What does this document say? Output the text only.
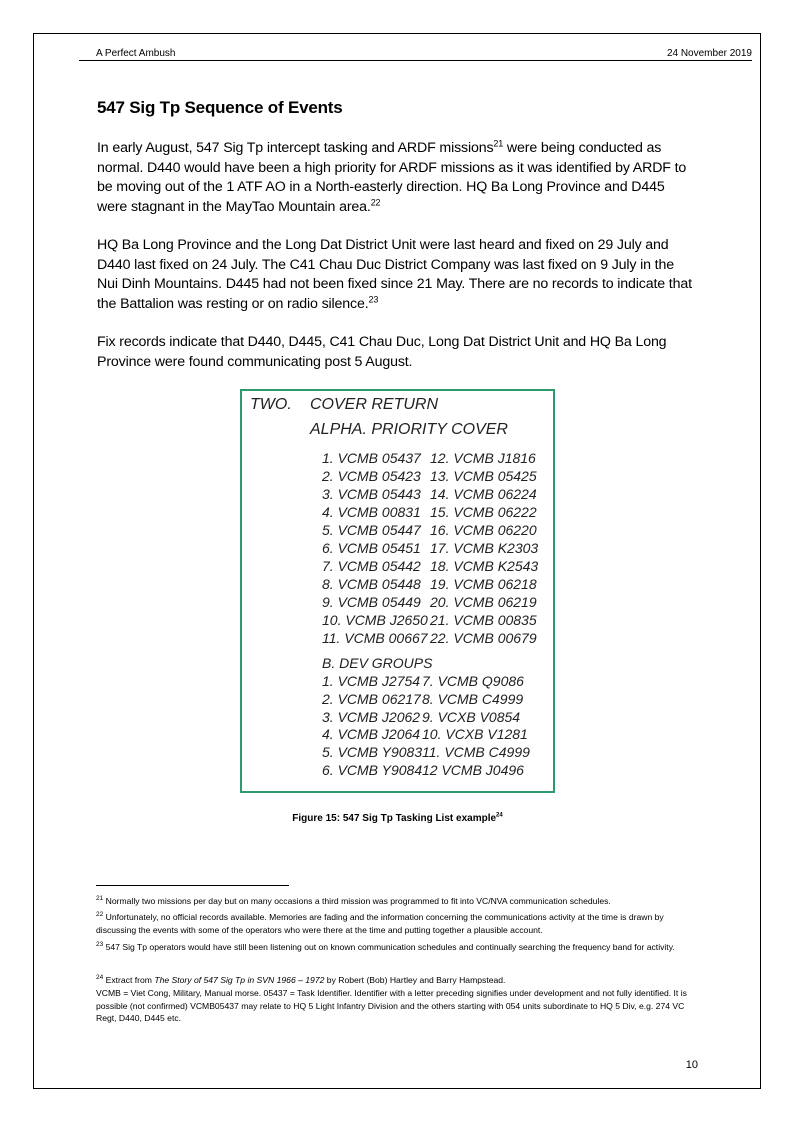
A Perfect Ambush	24 November 2019
547 Sig Tp Sequence of Events

In early August, 547 Sig Tp intercept tasking and ARDF missions$^{21}$ were being conducted as normal. D440 would have been a high priority for ARDF missions as it was identified by ARDF to be moving out of the 1 ATF AO in a North-easterly direction. HQ Ba Long Province and D445 were stagnant in the MayTao Mountain area.$^{22}$

HQ Ba Long Province and the Long Dat District Unit were last heard and fixed on 29 July and D440 last fixed on 24 July. The C41 Chau Duc District Company was last fixed on 9 July in the Nui Dinh Mountains. D445 had not been fixed since 21 May. There are no records to indicate that the Battalion was resting or on radio silence.$^{23}$

Fix records indicate that D440, D445, C41 Chau Duc, Long Dat District Unit and HQ Ba Long Province were found communicating post 5 August.

TWO. COVER RETURN
ALPHA. PRIORITY COVER
1. VCMB 05437 12. VCMB J1816
2. VCMB 05423 13. VCMB 05425
3. VCMB 05443 14. VCMB 06224
4. VCMB 00831 15. VCMB 06222
5. VCMB 05447 16. VCMB 06220
6. VCMB 05451 17. VCMB K2303
7. VCMB 05442 18. VCMB K2543
8. VCMB 05448 19. VCMB 06218
9. VCMB 05449 20. VCMB 06219
10. VCMB J2650 21. VCMB 00835
11. VCMB 00667 22. VCMB 00679
B. DEV GROUPS
1. VCMB J2754 7. VCMB Q9086
2. VCMB 06217 8. VCMB C4999
3. VCMB J2062 9. VCXB V0854
4. VCMB J2064 10. VCXB V1281
5. VCMB Y9083 11. VCMB C4999
6. VCMB Y9084 12 VCMB J0496
Figure 15: 547 Sig Tp Tasking List example$^{24}$

$^{21}$ Normally two missions per day but on many occasions a third mission was programmed to fit into VC/NVA communication schedules.

$^{22}$ Unfortunately, no official records available. Memories are fading and the information concerning the communications activity at the time is drawn by discussing the events with some of the operators who were there at the time and putting together a plausible account.

$^{23}$ 547 Sig Tp operators would have still been listening out on known communication schedules and continually searching the frequency band for activity.

$^{24}$ Extract from The Story of 547 Sig Tp in SVN 1966 – 1972 by Robert (Bob) Hartley and Barry Hampstead.
VCMB = Viet Cong, Military, Manual morse. 05437 = Task Identifier. Identifier with a letter preceding signifies under development and not fully identified. It is possible (not confirmed) VCMB05437 may relate to HQ 5 Light Infantry Division and the others starting with 054 units subordinate to HQ 5 Div, e.g. 274 VC Regt, D440, D445 etc.

10
